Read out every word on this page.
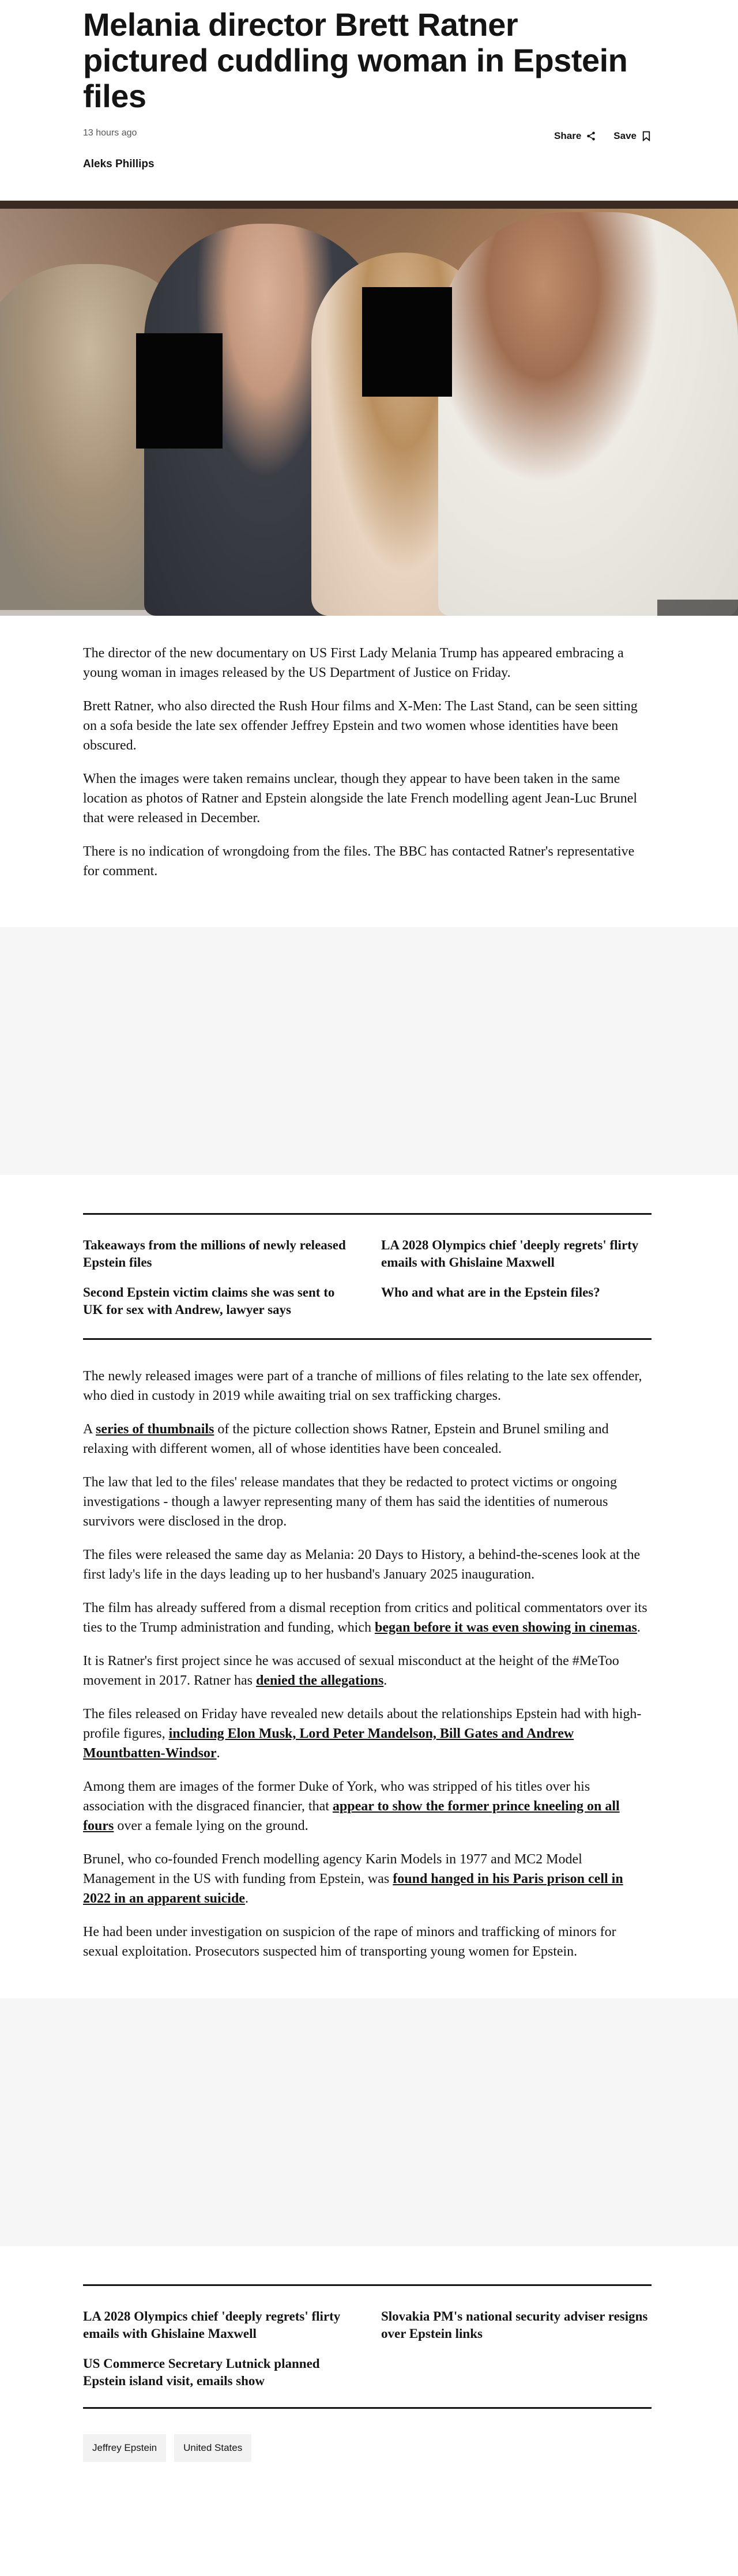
Melania director Brett Ratner pictured cuddling woman in Epstein files
13 hours ago	Share	Save
Aleks Phillips

The director of the new documentary on US First Lady Melania Trump has appeared embracing a young woman in images released by the US Department of Justice on Friday.

Brett Ratner, who also directed the Rush Hour films and X-Men: The Last Stand, can be seen sitting on a sofa beside the late sex offender Jeffrey Epstein and two women whose identities have been obscured.

When the images were taken remains unclear, though they appear to have been taken in the same location as photos of Ratner and Epstein alongside the late French modelling agent Jean-Luc Brunel that were released in December.

There is no indication of wrongdoing from the files. The BBC has contacted Ratner's representative for comment.

Takeaways from the millions of newly released Epstein files
LA 2028 Olympics chief 'deeply regrets' flirty emails with Ghislaine Maxwell
Second Epstein victim claims she was sent to UK for sex with Andrew, lawyer says
Who and what are in the Epstein files?

The newly released images were part of a tranche of millions of files relating to the late sex offender, who died in custody in 2019 while awaiting trial on sex trafficking charges.

A series of thumbnails of the picture collection shows Ratner, Epstein and Brunel smiling and relaxing with different women, all of whose identities have been concealed.

The law that led to the files' release mandates that they be redacted to protect victims or ongoing investigations - though a lawyer representing many of them has said the identities of numerous survivors were disclosed in the drop.

The files were released the same day as Melania: 20 Days to History, a behind-the-scenes look at the first lady's life in the days leading up to her husband's January 2025 inauguration.

The film has already suffered from a dismal reception from critics and political commentators over its ties to the Trump administration and funding, which began before it was even showing in cinemas.

It is Ratner's first project since he was accused of sexual misconduct at the height of the #MeToo movement in 2017. Ratner has denied the allegations.

The files released on Friday have revealed new details about the relationships Epstein had with high-profile figures, including Elon Musk, Lord Peter Mandelson, Bill Gates and Andrew Mountbatten-Windsor.

Among them are images of the former Duke of York, who was stripped of his titles over his association with the disgraced financier, that appear to show the former prince kneeling on all fours over a female lying on the ground.

Brunel, who co-founded French modelling agency Karin Models in 1977 and MC2 Model Management in the US with funding from Epstein, was found hanged in his Paris prison cell in 2022 in an apparent suicide.

He had been under investigation on suspicion of the rape of minors and trafficking of minors for sexual exploitation. Prosecutors suspected him of transporting young women for Epstein.

LA 2028 Olympics chief 'deeply regrets' flirty emails with Ghislaine Maxwell
Slovakia PM's national security adviser resigns over Epstein links
US Commerce Secretary Lutnick planned Epstein island visit, emails show
Jeffrey Epstein	United States
